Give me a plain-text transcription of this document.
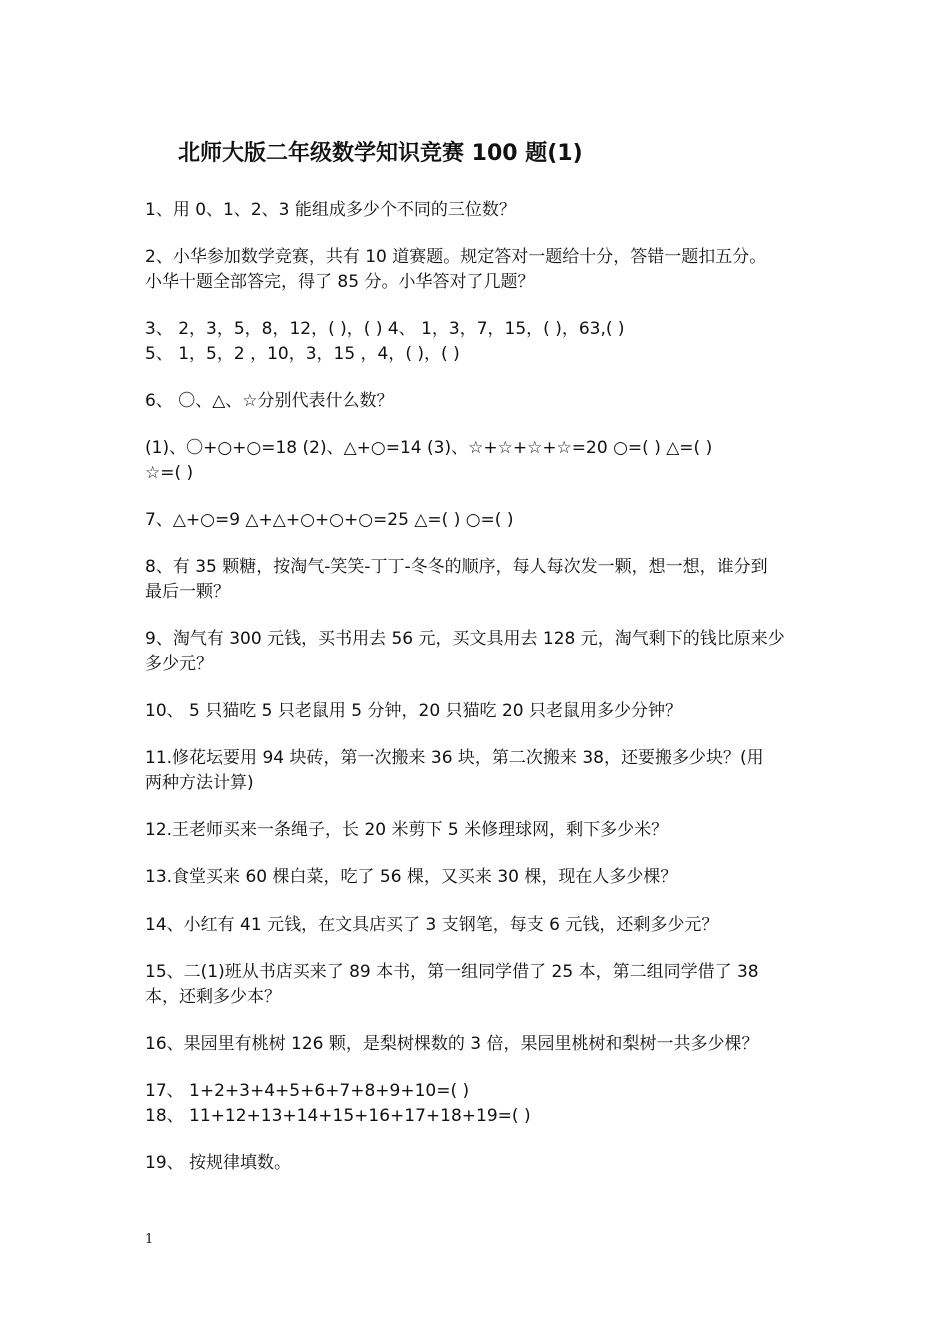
北师大版二年级数学知识竞赛 100 题(1)
1、用 0、1、2、3 能组成多少个不同的三位数？
2、小华参加数学竞赛，共有 10 道赛题。规定答对一题给十分，答错一题扣五分。
小华十题全部答完，得了 85 分。小华答对了几题？
3、 2，3，5，8，12，( )，( ) 4、 1，3，7，15，( )，63,( )
5、 1，5，2 ，10，3，15 ，4，( )，( )
6、 〇、△、☆分别代表什么数？
(1)、〇+○+○=18 (2)、△+○=14 (3)、☆+☆+☆+☆=20 ○=( ) △=( )
☆=( )
7、△+○=9 △+△+○+○+○=25 △=( ) ○=( )
8、有 35 颗糖，按淘气-笑笑-丁丁-冬冬的顺序，每人每次发一颗，想一想，谁分到
最后一颗？
9、淘气有 300 元钱，买书用去 56 元，买文具用去 128 元，淘气剩下的钱比原来少
多少元？
10、 5 只猫吃 5 只老鼠用 5 分钟，20 只猫吃 20 只老鼠用多少分钟？
11.修花坛要用 94 块砖，第一次搬来 36 块，第二次搬来 38，还要搬多少块？(用
两种方法计算)
12.王老师买来一条绳子，长 20 米剪下 5 米修理球网，剩下多少米？
13.食堂买来 60 棵白菜，吃了 56 棵，又买来 30 棵，现在人多少棵？
14、小红有 41 元钱，在文具店买了 3 支钢笔，每支 6 元钱，还剩多少元？
15、二(1)班从书店买来了 89 本书，第一组同学借了 25 本，第二组同学借了 38
本，还剩多少本？
16、果园里有桃树 126 颗，是梨树棵数的 3 倍，果园里桃树和梨树一共多少棵？
17、 1+2+3+4+5+6+7+8+9+10=( )
18、 11+12+13+14+15+16+17+18+19=( )
19、 按规律填数。
1
